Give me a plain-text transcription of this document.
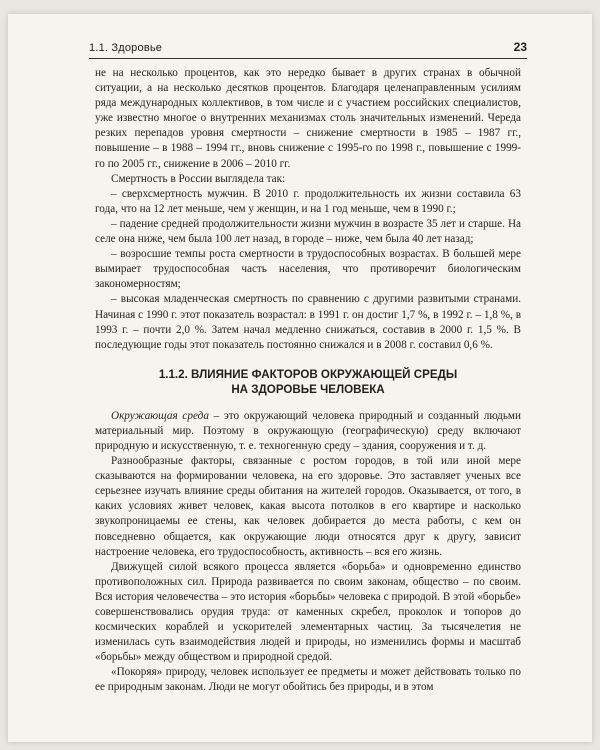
1.1. Здоровье	23

не на несколько процентов, как это нередко бывает в других странах в обычной ситуации, а на несколько десятков процентов. Благодаря целенаправленным усилиям ряда международных коллективов, в том числе и с участием российских специалистов, уже известно многое о внутренних механизмах столь значительных изменений. Череда резких перепадов уровня смертности – снижение смертности в 1985 – 1987 гг., повышение – в 1988 – 1994 гг., вновь снижение с 1995-го по 1998 г., повышение с 1999-го по 2005 гг., снижение в 2006 – 2010 гг.

Смертность в России выглядела так:

– сверхсмертность мужчин. В 2010 г. продолжительность их жизни составила 63 года, что на 12 лет меньше, чем у женщин, и на 1 год меньше, чем в 1990 г.;

– падение средней продолжительности жизни мужчин в возрасте 35 лет и старше. На селе она ниже, чем была 100 лет назад, в городе – ниже, чем была 40 лет назад;

– возросшие темпы роста смертности в трудоспособных возрастах. В большей мере вымирает трудоспособная часть населения, что противоречит биологическим закономерностям;

– высокая младенческая смертность по сравнению с другими развитыми странами. Начиная с 1990 г. этот показатель возрастал: в 1991 г. он достиг 1,7 %, в 1992 г. – 1,8 %, в 1993 г. – почти 2,0 %. Затем начал медленно снижаться, составив в 2000 г. 1,5 %. В последующие годы этот показатель постоянно снижался и в 2008 г. составил 0,6 %.

1.1.2. ВЛИЯНИЕ ФАКТОРОВ ОКРУЖАЮЩЕЙ СРЕДЫ
НА ЗДОРОВЬЕ ЧЕЛОВЕКА

Окружающая среда – это окружающий человека природный и созданный людьми материальный мир. Поэтому в окружающую (географическую) среду включают природную и искусственную, т. е. техногенную среду – здания, сооружения и т. д.

Разнообразные факторы, связанные с ростом городов, в той или иной мере сказываются на формировании человека, на его здоровье. Это заставляет ученых все серьезнее изучать влияние среды обитания на жителей городов. Оказывается, от того, в каких условиях живет человек, какая высота потолков в его квартире и насколько звукопроницаемы ее стены, как человек добирается до места работы, с кем он повседневно общается, как окружающие люди относятся друг к другу, зависит настроение человека, его трудоспособность, активность – вся его жизнь.

Движущей силой всякого процесса является «борьба» и одновременно единство противоположных сил. Природа развивается по своим законам, общество – по своим. Вся история человечества – это история «борьбы» человека с природой. В этой «борьбе» совершенствовались орудия труда: от каменных скребел, проколок и топоров до космических кораблей и ускорителей элементарных частиц. За тысячелетия не изменилась суть взаимодействия людей и природы, но изменились формы и масштаб «борьбы» между обществом и природной средой.

«Покоряя» природу, человек использует ее предметы и может действовать только по ее природным законам. Люди не могут обойтись без природы, и в этом
